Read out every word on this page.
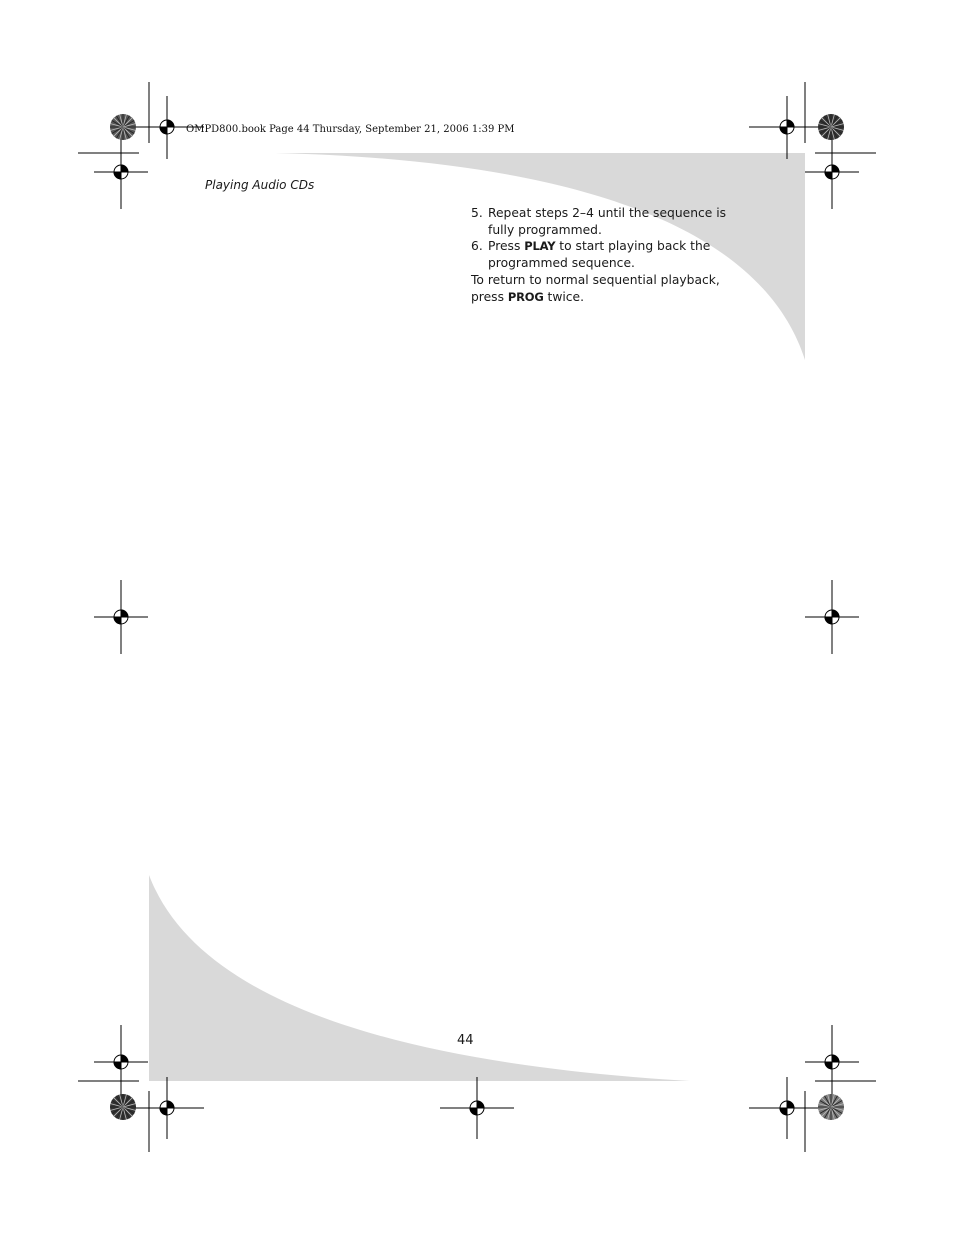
OMPD800.book Page 44 Thursday, September 21, 2006 1:39 PM
Playing Audio CDs
5. Repeat steps 2–4 until the sequence is fully programmed.
6. Press PLAY to start playing back the programmed sequence.
To return to normal sequential playback, press PROG twice.
44
